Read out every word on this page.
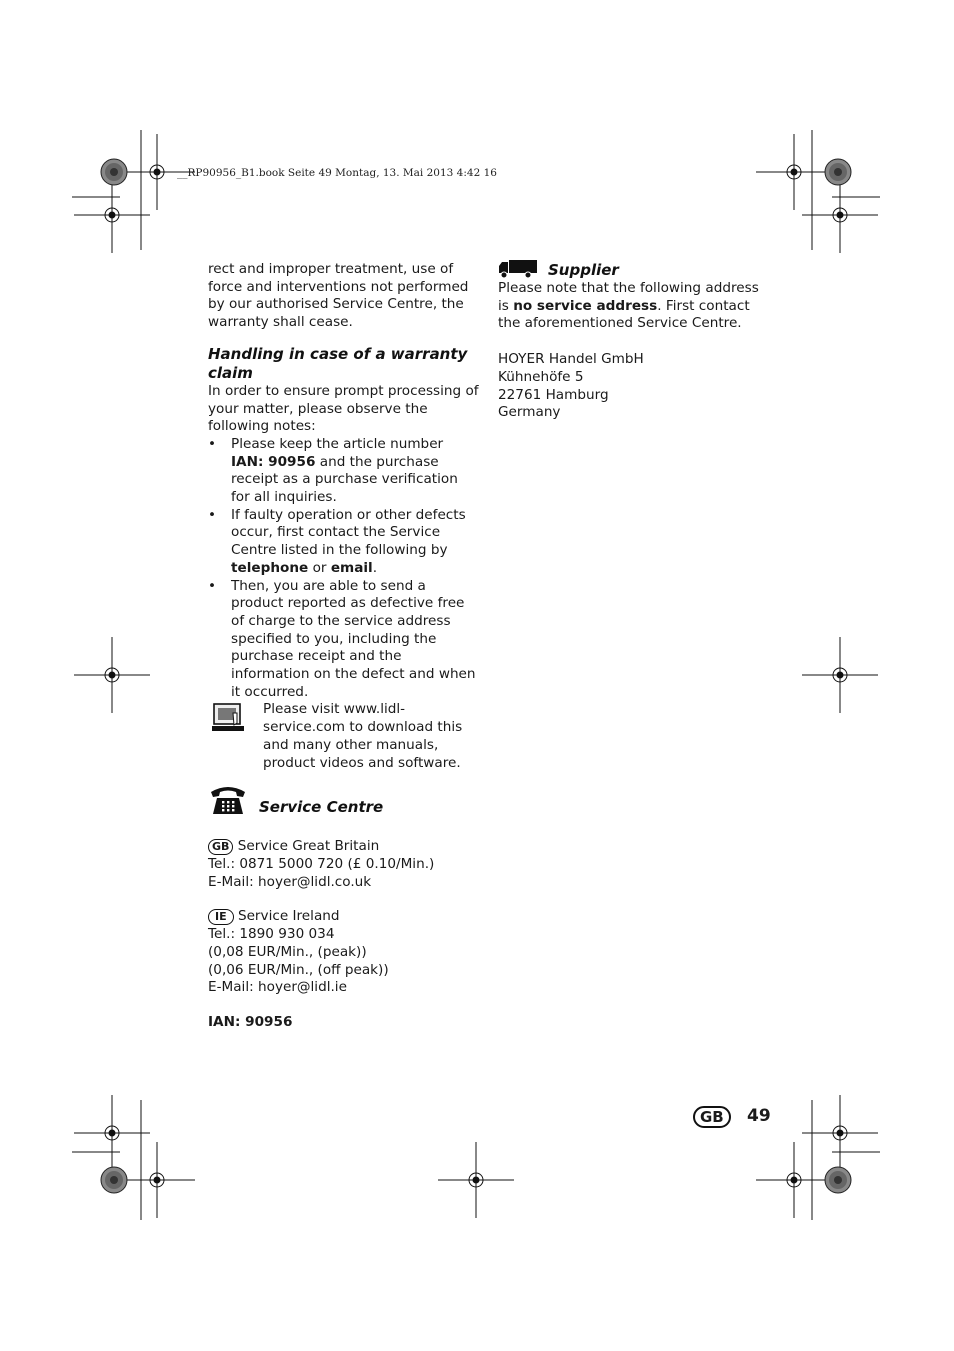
__RP90956_B1.book Seite 49 Montag, 13. Mai 2013 4:42 16

rect and improper treatment, use of force and interventions not performed by our authorised Service Centre, the warranty shall cease.

Handling in case of a warranty claim

In order to ensure prompt processing of your matter, please observe the following notes:

• Please keep the article number
IAN: 90956 and the purchase receipt as a purchase verification for all inquiries.
• If faulty operation or other defects occur, first contact the Service Centre listed in the following by telephone or email.
• Then, you are able to send a product reported as defective free of charge to the service address specified to you, including the purchase receipt and the information on the defect and when it occurred.

Please visit www.lidl-service.com to download this and many other manuals, product videos and software.

Service Centre

GB Service Great Britain

Tel.: 0871 5000 720 (£ 0.10/Min.)

E-Mail: hoyer@lidl.co.uk

IE Service Ireland

Tel.: 1890 930 034

(0,08 EUR/Min., (peak))

(0,06 EUR/Min., (off peak))

E-Mail: hoyer@lidl.ie

IAN: 90956

Supplier

Please note that the following address is no service address. First contact the aforementioned Service Centre.

HOYER Handel GmbH

Kühnehöfe 5

22761 Hamburg

Germany

GB	49
